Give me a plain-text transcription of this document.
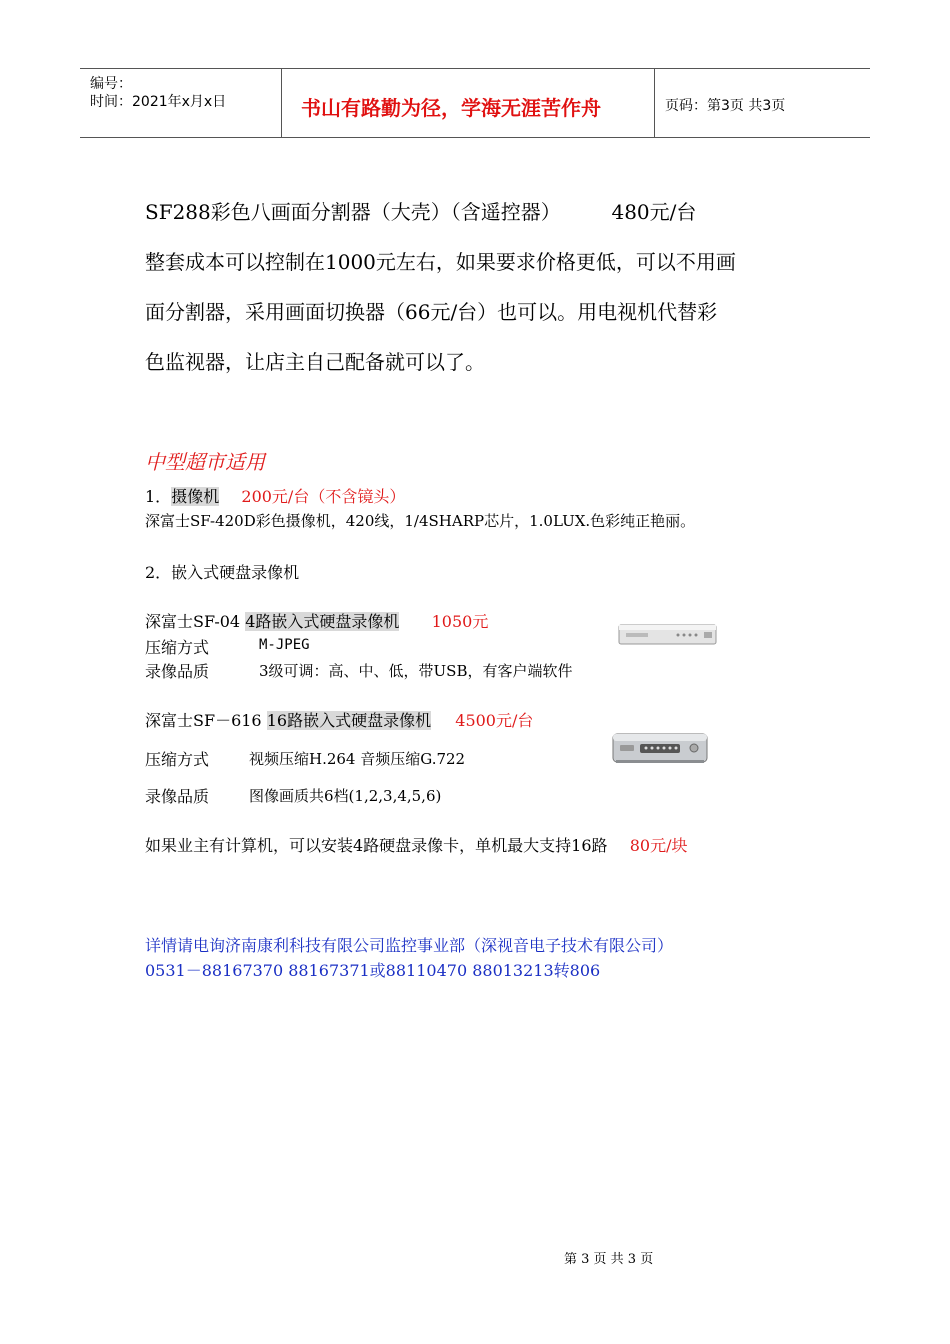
编号：
时间：2021年x月x日	书山有路勤为径，学海无涯苦作舟	页码：第3页 共3页
SF288彩色八画面分割器（大壳）（含遥控器）	480元/台
整套成本可以控制在1000元左右，如果要求价格更低，可以不用画
面分割器，采用画面切换器（66元/台）也可以。用电视机代替彩
色监视器，让店主自己配备就可以了。
中型超市适用
1．摄像机 200元/台（不含镜头）
深富士SF-420D彩色摄像机，420线，1/4SHARP芯片，1.0LUX.色彩纯正艳丽。
2．嵌入式硬盘录像机
深富士SF-04 4路嵌入式硬盘录像机 1050元
压缩方式	M-JPEG
录像品质	3级可调：高、中、低，带USB，有客户端软件
深富士SF－616 16路嵌入式硬盘录像机 4500元/台
压缩方式	视频压缩H.264 音频压缩G.722
录像品质	图像画质共6档(1,2,3,4,5,6)
如果业主有计算机，可以安装4路硬盘录像卡，单机最大支持16路 80元/块
详情请电询济南康利科技有限公司监控事业部（深视音电子技术有限公司）
0531－88167370 88167371或88110470 88013213转806
第 3 页 共 3 页
